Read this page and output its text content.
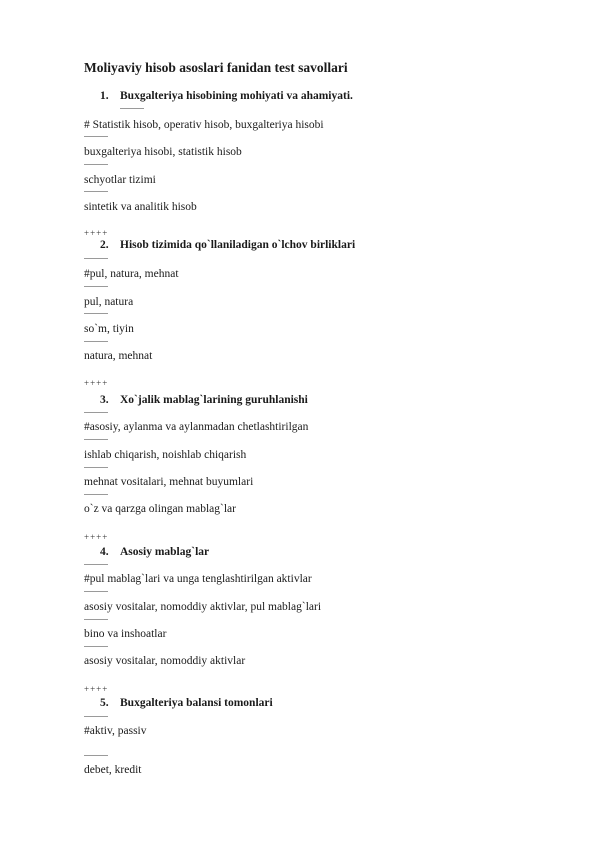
Moliyaviy hisob asoslari fanidan test savollari
1. Buxgalteriya hisobining mohiyati va ahamiyati.
# Statistik hisob, operativ hisob, buxgalteriya hisobi
buxgalteriya hisobi, statistik hisob
schyotlar tizimi
sintetik va analitik hisob
++++
2. Hisob tizimida qo`llaniladigan o`lchov birliklari
#pul, natura, mehnat
pul, natura
so`m, tiyin
natura, mehnat
++++
3. Xo`jalik mablag`larining guruhlanishi
#asosiy, aylanma va aylanmadan chetlashtirilgan
ishlab chiqarish, noishlab chiqarish
mehnat vositalari, mehnat buyumlari
o`z va qarzga olingan mablag`lar
++++
4. Asosiy mablag`lar
#pul mablag`lari va unga tenglashtirilgan aktivlar
asosiy vositalar, nomoddiy aktivlar, pul mablag`lari
bino va inshoatlar
asosiy vositalar, nomoddiy aktivlar
++++
5. Buxgalteriya balansi tomonlari
#aktiv, passiv
debet, kredit
